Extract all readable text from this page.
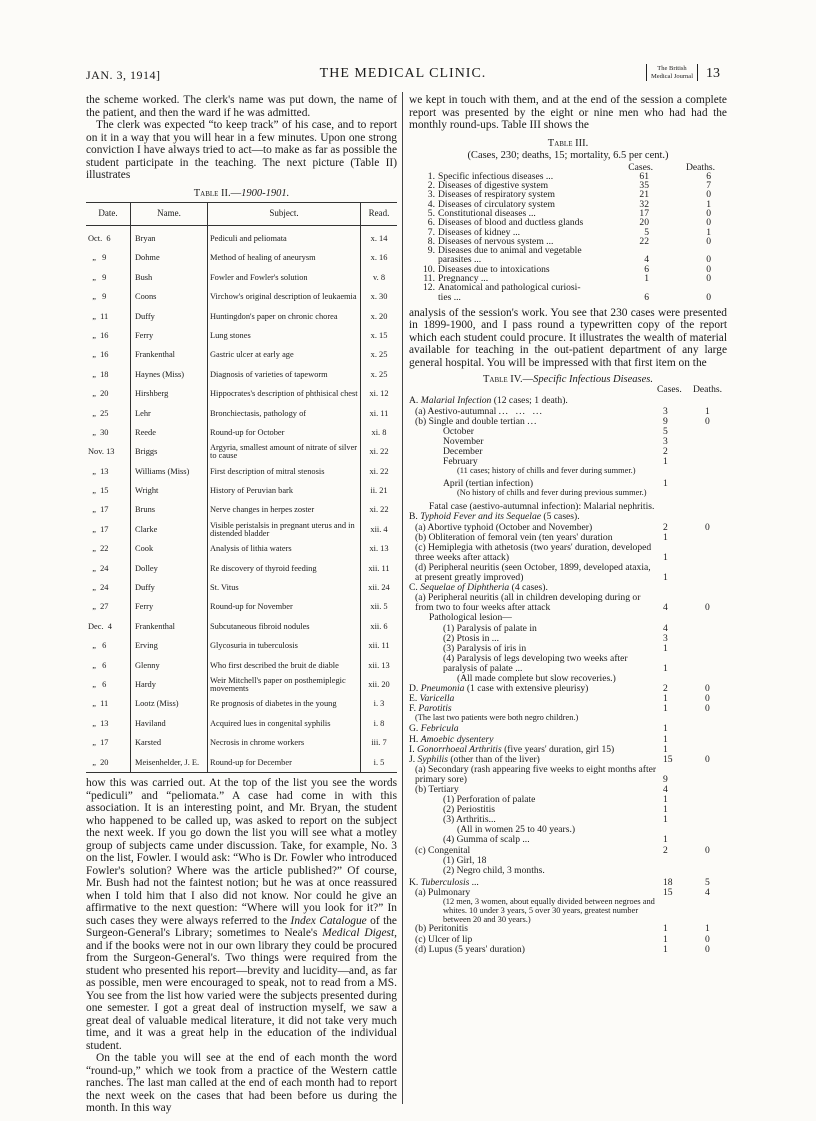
JAN. 3, 1914]	THE MEDICAL CLINIC.	The British
Medical Journal 13

the scheme worked. The clerk's name was put down, the name of the patient, and then the ward if he was admitted.

The clerk was expected “to keep track” of his case, and to report on it in a way that you will hear in a few minutes. Upon one strong conviction I have always tried to act—to make as far as possible the student participate in the teaching. The next picture (Table II) illustrates

Table II.—1900-1901.
Date.	Name.	Subject.	Read.
Oct.  6	Bryan	Pediculi and peliomata	x. 14
„   9	Dohme	Method of healing of aneurysm	x. 16
„   9	Bush	Fowler and Fowler's solution	v. 8
„   9	Coons	Virchow's original description of leukaemia	x. 30
„  11	Duffy	Huntingdon's paper on chronic chorea	x. 20
„  16	Ferry	Lung stones	x. 15
„  16	Frankenthal	Gastric ulcer at early age	x. 25
„  18	Haynes (Miss)	Diagnosis of varieties of tapeworm	x. 25
„  20	Hirshberg	Hippocrates's description of phthisical chest	xi. 12
„  25	Lehr	Bronchiectasis, pathology of	xi. 11
„  30	Reede	Round-up for October	xi. 8
Nov. 13	Briggs	Argyria, smallest amount of nitrate of silver to cause	xi. 22
„  13	Williams (Miss)	First description of mitral stenosis	xi. 22
„  15	Wright	History of Peruvian bark	ii. 21
„  17	Bruns	Nerve changes in herpes zoster	xi. 22
„  17	Clarke	Visible peristalsis in pregnant uterus and in distended bladder	xii. 4
„  22	Cook	Analysis of lithia waters	xi. 13
„  24	Dolley	Re discovery of thyroid feeding	xii. 11
„  24	Duffy	St. Vitus	xii. 24
„  27	Ferry	Round-up for November	xii. 5
Dec.  4	Frankenthal	Subcutaneous fibroid nodules	xii. 6
„   6	Erving	Glycosuria in tuberculosis	xii. 11
„   6	Glenny	Who first described the bruit de diable	xii. 13
„   6	Hardy	Weir Mitchell's paper on posthemiplegic movements	xii. 20
„  11	Lootz (Miss)	Re prognosis of diabetes in the young	i. 3
„  13	Haviland	Acquired lues in congenital syphilis	i. 8
„  17	Karsted	Necrosis in chrome workers	iii. 7
„  20	Meisenhelder, J. E.	Round-up for December	i. 5

how this was carried out. At the top of the list you see the words “pediculi” and “peliomata.” A case had come in with this association. It is an interesting point, and Mr. Bryan, the student who happened to be called up, was asked to report on the subject the next week. If you go down the list you will see what a motley group of subjects came under discussion. Take, for example, No. 3 on the list, Fowler. I would ask: “Who is Dr. Fowler who introduced Fowler's solution? Where was the article published?” Of course, Mr. Bush had not the faintest notion; but he was at once reassured when I told him that I also did not know. Nor could he give an affirmative to the next question: “Where will you look for it?” In such cases they were always referred to the Index Catalogue of the Surgeon-General's Library; sometimes to Neale's Medical Digest, and if the books were not in our own library they could be procured from the Surgeon-General's. Two things were required from the student who presented his report—brevity and lucidity—and, as far as possible, men were encouraged to speak, not to read from a MS. You see from the list how varied were the subjects presented during one semester. I got a great deal of instruction myself, we saw a great deal of valuable medical literature, it did not take very much time, and it was a great help in the education of the individual student.

On the table you will see at the end of each month the word “round-up,” which we took from a practice of the Western cattle ranches. The last man called at the end of each month had to report the next week on the cases that had been before us during the month. In this way

we kept in touch with them, and at the end of the session a complete report was presented by the eight or nine men who had had the monthly round-ups. Table III shows the

Table III.
(Cases, 230; deaths, 15; mortality, 6.5 per cent.)
Cases.	Deaths.
1. Specific infectious diseases ...	61	6
2. Diseases of digestive system	35	7
3. Diseases of respiratory system	21	0
4. Diseases of circulatory system	32	1
5. Constitutional diseases ...	17	0
6. Diseases of blood and ductless glands	20	0
7. Diseases of kidney ...	5	1
8. Diseases of nervous system ...	22	0
9. Diseases due to animal and vegetable
parasites ...	4	0
10. Diseases due to intoxications	6	0
11. Pregnancy ...	1	0
12. Anatomical and pathological curiosi-
ties ...	6	0

analysis of the session's work. You see that 230 cases were presented in 1899-1900, and I pass round a typewritten copy of the report which each student could procure. It illustrates the wealth of material available for teaching in the out-patient department of any large general hospital. You will be impressed with that first item on the

Table IV.—Specific Infectious Diseases.
Cases.	Deaths.
A. Malarial Infection (12 cases; 1 death).
(a) Aestivo-autumnal ...  ...  ...	3	1
(b) Single and double tertian ...	9	0
October	5
November	3
December	2
February	1
(11 cases; history of chills and fever during summer.)
April (tertian infection)	1
(No history of chills and fever during previous summer.)
Fatal case (aestivo-autumnal infection): Malarial nephritis.
B. Typhoid Fever and its Sequelae (5 cases).
(a) Abortive typhoid (October and November)	2	0
(b) Obliteration of femoral vein (ten years' duration	1
(c) Hemiplegia with athetosis (two years' duration, developed three weeks after attack)	1
(d) Peripheral neuritis (seen October, 1899, developed ataxia, at present greatly improved)	1
C. Sequelae of Diphtheria (4 cases).
(a) Peripheral neuritis (all in children developing during or from two to four weeks after attack	4	0
Pathological lesion—
(1) Paralysis of palate in	4
(2) Ptosis in ...	3
(3) Paralysis of iris in	1
(4) Paralysis of legs developing two weeks after paralysis of palate ...	1
(All made complete but slow recoveries.)
D. Pneumonia (1 case with extensive pleurisy)	2	0
E. Varicella	1	0
F. Parotitis	1	0
(The last two patients were both negro children.)
G. Febricula	1
H. Amoebic dysentery	1
I. Gonorrhoeal Arthritis (five years' duration, girl 15)	1
J. Syphilis (other than of the liver)	15	0
(a) Secondary (rash appearing five weeks to eight months after primary sore)	9
(b) Tertiary	4
(1) Perforation of palate	1
(2) Periostitis	1
(3) Arthritis...	1
(All in women 25 to 40 years.)
(4) Gumma of scalp ...	1
(c) Congenital	2	0
(1) Girl, 18
(2) Negro child, 3 months.
K. Tuberculosis ...	18	5
(a) Pulmonary	15	4
(12 men, 3 women, about equally divided between negroes and whites. 10 under 3 years, 5 over 30 years, greatest number between 20 and 30 years.)
(b) Peritonitis	1	1
(c) Ulcer of lip	1	0
(d) Lupus (5 years' duration)	1	0
